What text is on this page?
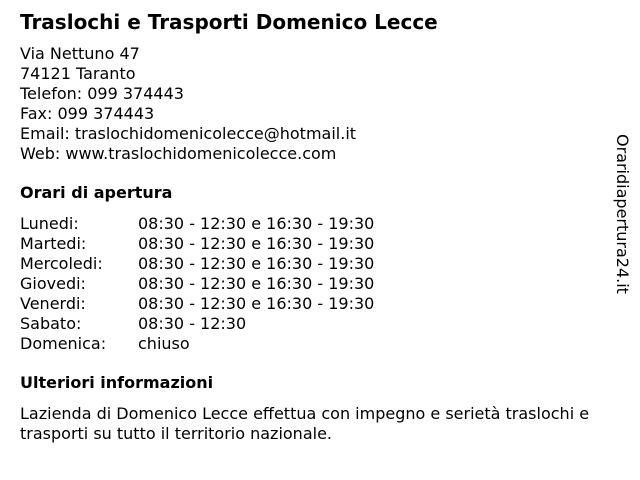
Traslochi e Trasporti Domenico Lecce
Via Nettuno 47
74121 Taranto
Telefon: 099 374443
Fax: 099 374443
Email: traslochidomenicolecce@hotmail.it
Web: www.traslochidomenicolecce.com
Orari di apertura
Lunedi:	08:30 - 12:30 e 16:30 - 19:30
Martedi:	08:30 - 12:30 e 16:30 - 19:30
Mercoledi:	08:30 - 12:30 e 16:30 - 19:30
Giovedi:	08:30 - 12:30 e 16:30 - 19:30
Venerdi:	08:30 - 12:30 e 16:30 - 19:30
Sabato:	08:30 - 12:30
Domenica:	chiuso
Ulteriori informazioni

Lazienda di Domenico Lecce effettua con impegno e serietà traslochi e trasporti su tutto il territorio nazionale.

Oraridiapertura24.it
